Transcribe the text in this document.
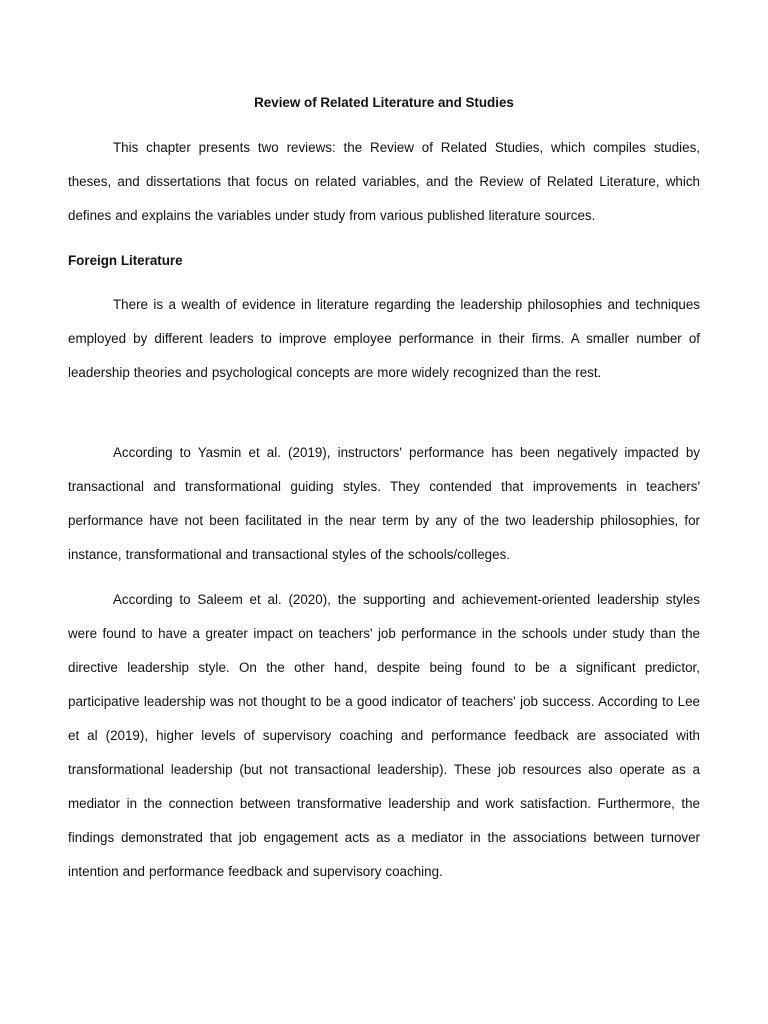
Review of Related Literature and Studies

This chapter presents two reviews: the Review of Related Studies, which compiles studies, theses, and dissertations that focus on related variables, and the Review of Related Literature, which defines and explains the variables under study from various published literature sources.

Foreign Literature

There is a wealth of evidence in literature regarding the leadership philosophies and techniques employed by different leaders to improve employee performance in their firms. A smaller number of leadership theories and psychological concepts are more widely recognized than the rest.

According to Yasmin et al. (2019), instructors' performance has been negatively impacted by transactional and transformational guiding styles. They contended that improvements in teachers' performance have not been facilitated in the near term by any of the two leadership philosophies, for instance, transformational and transactional styles of the schools/colleges.

According to Saleem et al. (2020), the supporting and achievement-oriented leadership styles were found to have a greater impact on teachers' job performance in the schools under study than the directive leadership style. On the other hand, despite being found to be a significant predictor, participative leadership was not thought to be a good indicator of teachers' job success. According to Lee et al (2019), higher levels of supervisory coaching and performance feedback are associated with transformational leadership (but not transactional leadership). These job resources also operate as a mediator in the connection between transformative leadership and work satisfaction. Furthermore, the findings demonstrated that job engagement acts as a mediator in the associations between turnover intention and performance feedback and supervisory coaching.
